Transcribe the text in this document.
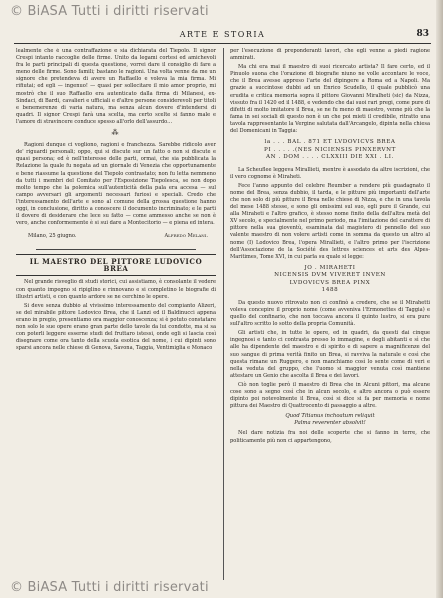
© BiASA Tutti i diritti riservati
ARTE E STORIA	83

lealmente che è una contraffazione e sia dichiarata del Tiepolo. Il signor Crespi intanto raccoglie delle firme. Unito da legami cortesi ed amichevoli fra le parti principali di questa questione, vorrei dare il consiglio di fare a meno delle firme. Sono famili; bastano le ragioni. Una volta venne da me un signore che pretendeva di avere un Raffaello e voleva la mia firma. Mi rifiutai; ed egli — ingenuo! — quasi per sollecitare il mio amor proprio, mi mostrò che il suo Raffaello era autenticato dalla firma di Milanesi, ex-Sindaci, di Bardi, cavalieri e ufficiali e d'altre persone considerevoli per titoli e benemerenze di varia natura, ma senza alcun dovere d'intendersi di quadri. Il signor Crespi farà una scelta, ma certo scelte si fanno male e l'amore di stravincere conduce spesso all'orlo dell'assurdo…

⁂

Ragioni dunque ci vogliono, ragioni e franchezza. Sarebbe ridicolo aver de' riguardi personali; oppo, qui si discute sur un fatto o non si discute e quasi persona; ed è nell'interesse delle parti, ormai, che sia pubblicata la Relazione la quale fu negata ad un giornale di Venezia che opportunamente e bene riassume la questione del Tiepolo contrastato; non fu letta nemmeno da tutti i membri del Comitato per l'Esposizione Tiepolesca, se non dopo molto tempo che la polemica sull'autenticità della pala era accesa — sul campo avversari gli argomenti necessari furiosi e speciali. Credo che l'interessamento dell'arte e sono al comune della grossa questione hanno oggi, in conclusione, diritto a conoscere il documento incriminato; e le parti il dovere di desiderare che lece su fatto — come ammesso anche se non è vero, anche conformemente è si sui dare a Montecitorio — e piena ed intera.

Milano, 25 giugno.	Alfredo Melani.
IL MAESTRO DEL PITTORE LUDOVICO BREA

Nel grande risveglio di studi storici, cui assistiamo, è consolante il vedere con quanto impegno si ripiglino e rinnovano e si completino le biografie di illustri artisti, e con quanto ardore se ne cerchino le opere.

Si deve senza dubbio al vivissimo interessamento del compianto Alizeri, se del mirabile pittore Lodovico Brea, che il Lanzi ed il Baldinucci appena erano in pregio, presentiamo ora maggior conoscenza; si è potuto constatare non solo le sue opere erano gran parte dello tavole da lui condotte, ma si sa con poterli leggere esserne studi del fruttaro istessi, onde egli si lascia così disegnare come ora tanto della scuola esotica del nome, i cui dipinti sono sparsi ancora nelle chiese di Genova, Savona, Taggia, Ventimiglia e Monaco

per l'esecuzione di preponderanti lavori, che egli venne a piedi ragione ammirati.

Ma chi era mai il maestro di suoi ricercato artista? Il fare certo, ed il Pinuolo suona che l'orazione di biografie niuno ne volle accontare le voce, che il Brea avesse appreso l'arte del dipingere a Roma ed a Napoli. Ma grazie a succintose dubbi ad un Enrico Scudello, il quale pubblicò una erudita e critica memoria sopra il pittore Giovanni Miralheti (sic) da Nizza, vissuto fra il 1420 ed il 1488, e vedendo che dai suoi rari pregi, come pure di difetti di molto imitatore il Brea, se ne fu meno di maestro, venne più che la fama in sei sociali di questo non è un che poi mieti il credibile, ritratto una tavola rappresentante la Vergine salutata dall'Arcangelo, dipinta nella chiesa del Domenicani in Taggia:

la . . . BAL . 871 ET LVDOVICVS BREA
PI . . . . .(NES NICIENSIS PINXERVNT
AN . DOM . . . . CLXXIII DIE XXI . LI.

La Scheuflee leggeva Mirallieti, mentre è assodato da altre iscrizioni, che il vero cognome è Miraheti.

Fece l'anno appunto del celebre Reumber a rendere più guadagnato il nome del Brea, senza dubbio, il tarda, e le pitture più importanti dell'arte che non solo di più pitture il Brea nelle chiese di Nizza, e che in una tavola del mese 1488 stesse, e sono gli omissimi sul suo, egli pure il Grande, cui alla Miraheti e l'altro grafico, è stesso nome finito della dell'altra metà del XV secolo, e specialmente nel primo periodo, ma l'imitazione del carattere di pittore nella sua gioventù, esaminata dal magistero di pennello del suo valente maestro di non volere artisti come in somma da questo un altro al nome (I) Lodovico Brea, l'opera Mirallieti, e l'altro primo per l'iscrizione dell'Associazione de la Société des lettres sciences et arts des Alpes-Maritimes, Tome XVI, in cui parla su quale si legge:

JO . MIRAHETI
NICENSIS DVM VIVERET INVEN
LVDOVICVS BREA PINX
1488

Da questo nuovo ritrovato non ci confinò a credere, che se il Mirahetti voleva concepire il proprio nome (come avveniva l'Ermonettes di Taggia) e quello del confinario, che non toccava ancora il quinto lustro, si era pure sull'altro scritto lo sotto della propria Comunità.

Gli artisti che, in tutte le opere, ed in quadri, da questi dai cinque ingegnosi e tanto ci contrasta presso lo immagine, e degli abitanti e sì che alle ha dipendente del maestro e di spirito e di sapere a magnificenze del suo sangue di prima verità finito un Brea, si ravviva la naturale e così che questa rimane un Ruggero, e non manchiamo così lo sente come di veri e nella veduta del gruppo, che l'uomo si maggior venuta così mantiene attestare un Genio che ascolta il Brea e dei lavori.

Ciò non toglie però il maestro di Brea che in Alcuni pittori, ma alcune cose sono a segno così che in alcun secolo, e altro ancora o può essere dipinto poi notevolmente il Brea, così si dice si fa per memoria e nome pittura dei Maestro di Quattrocento di passaggio a altre.

Quod Titianus inchoatum reliquit
Palma reverenter absolvit!

Nel dare notizia fra noi delle scoperte che si fanno in terre, che politicamente più non ci appartengono,

© BiASA Tutti i diritti riservati
